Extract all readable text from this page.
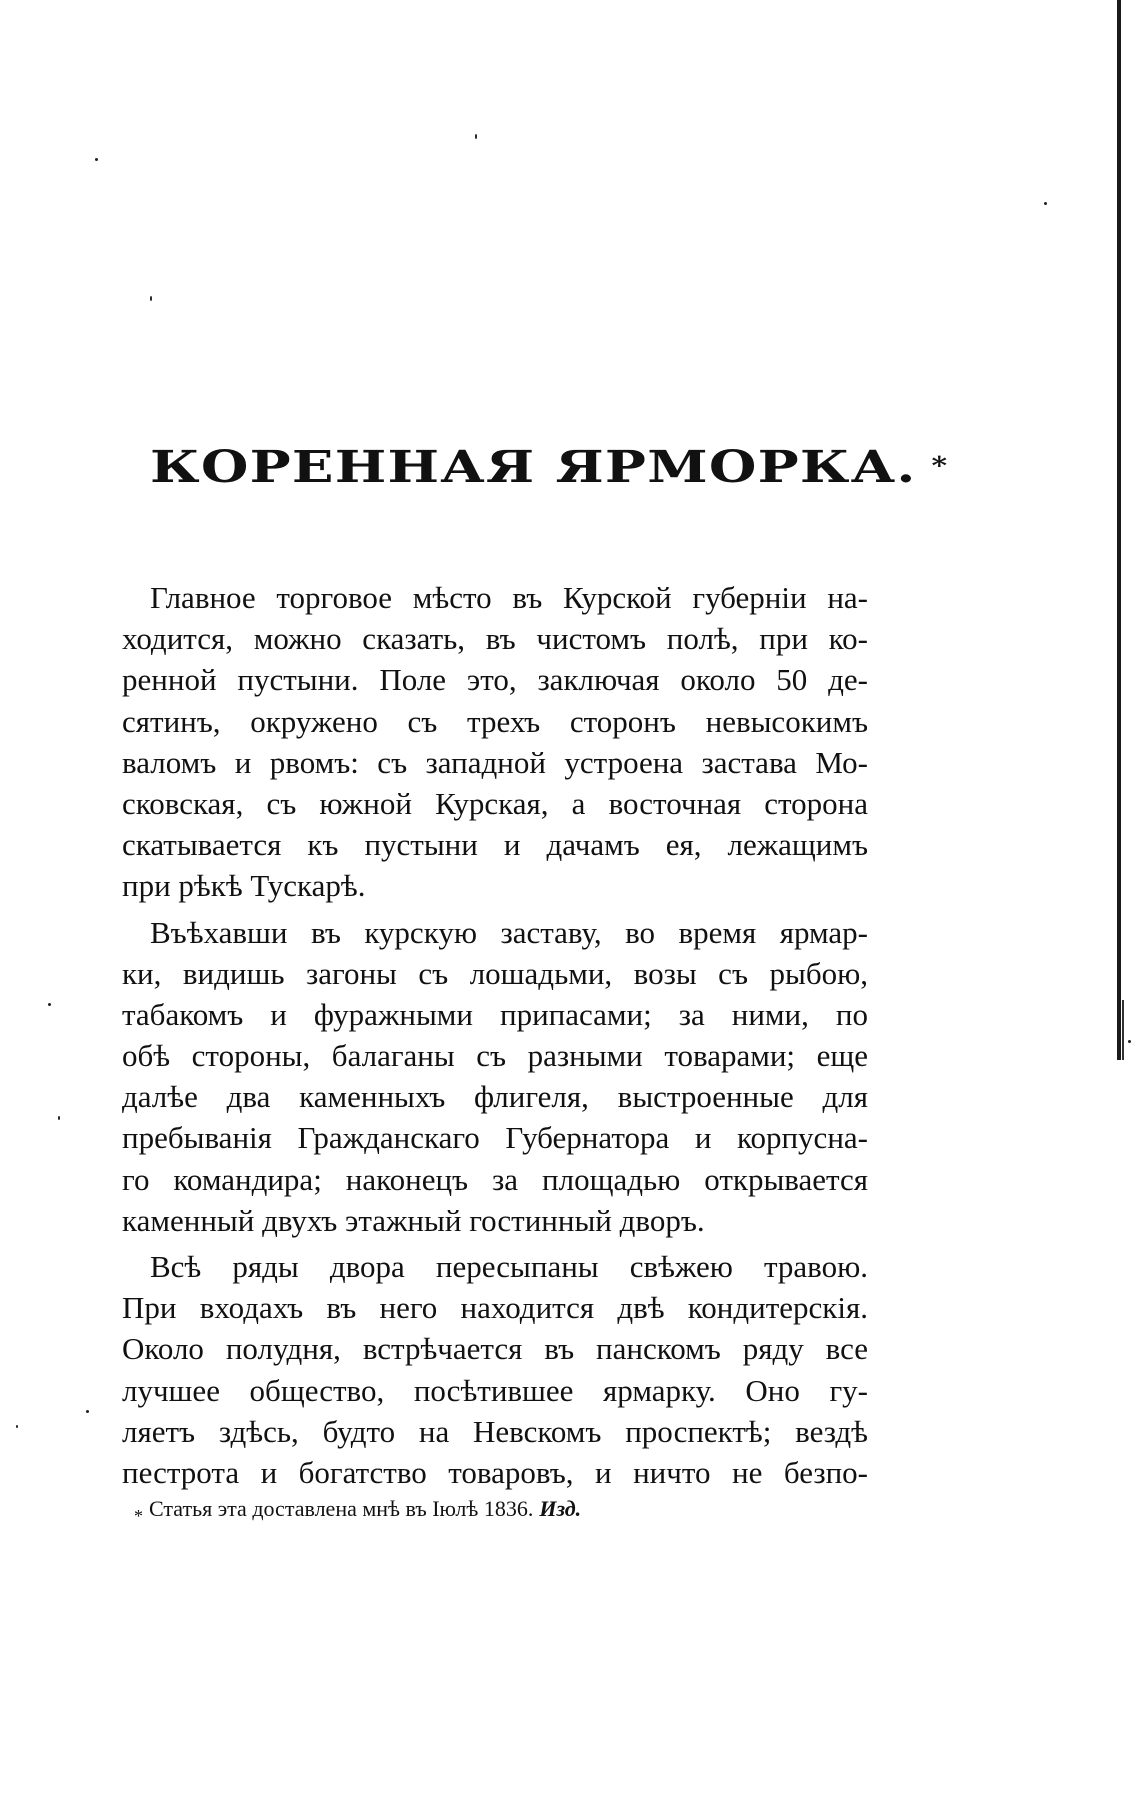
КОРЕННАЯ ЯРМОРКА. *
Главное торговое мѣсто въ Курской губерніи на-
ходится, можно сказать, въ чистомъ полѣ, при ко-
ренной пустыни. Поле это, заключая около 50 де-
сятинъ, окружено съ трехъ сторонъ невысокимъ
валомъ и рвомъ: съ западной устроена застава Мо-
сковская, съ южной Курская, а восточная сторона
скатывается къ пустыни и дачамъ ея, лежащимъ
при рѣкѣ Тускарѣ.
Въѣхавши въ курскую заставу, во время ярмар-
ки, видишь загоны съ лошадьми, возы съ рыбою,
табакомъ и фуражными припасами; за ними, по
обѣ стороны, балаганы съ разными товарами; еще
далѣе два каменныхъ флигеля, выстроенные для
пребыванія Гражданскаго Губернатора и корпусна-
го командира; наконецъ за площадью открывается
каменный двухъ этажный гостинный дворъ.
Всѣ ряды двора пересыпаны свѣжею травою.
При входахъ въ него находится двѣ кондитерскія.
Около полудня, встрѣчается въ панскомъ ряду все
лучшее общество, посѣтившее ярмарку. Оно гу-
ляетъ здѣсь, будто на Невскомъ проспектѣ; вездѣ
пестрота и богатство товаровъ, и ничто не безпо-
$_*$ Статья эта доставлена мнѣ въ Іюлѣ 1836. Изд.
